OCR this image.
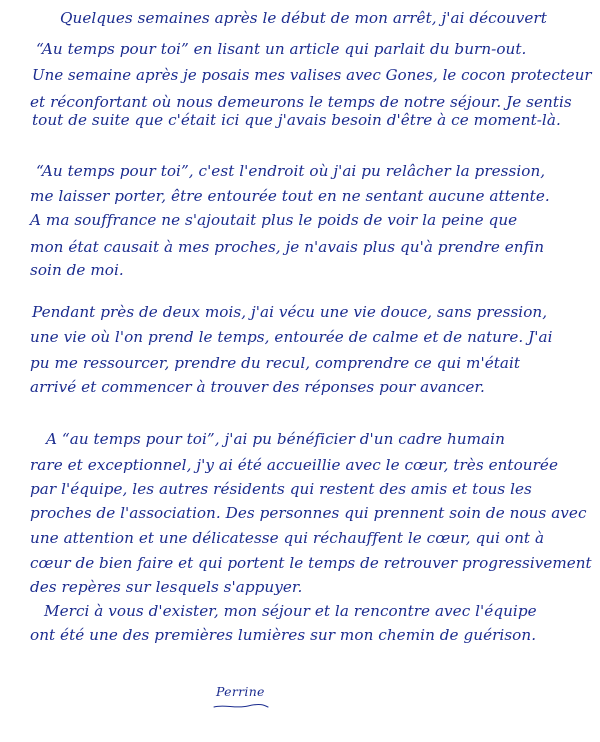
Quelques semaines après le début de mon arrêt, j'ai découvert
“Au temps pour toi” en lisant un article qui parlait du burn-out.
Une semaine après je posais mes valises avec Gones, le cocon protecteur
et réconfortant où nous demeurons le temps de notre séjour. Je sentis
tout de suite que c'était ici que j'avais besoin d'être à ce moment-là.
“Au temps pour toi”, c'est l'endroit où j'ai pu relâcher la pression,
me laisser porter, être entourée tout en ne sentant aucune attente.
A ma souffrance ne s'ajoutait plus le poids de voir la peine que
mon état causait à mes proches, je n'avais plus qu'à prendre enfin
soin de moi.
Pendant près de deux mois, j'ai vécu une vie douce, sans pression,
une vie où l'on prend le temps, entourée de calme et de nature. J'ai
pu me ressourcer, prendre du recul, comprendre ce qui m'était
arrivé et commencer à trouver des réponses pour avancer.
A “au temps pour toi”, j'ai pu bénéficier d'un cadre humain
rare et exceptionnel, j'y ai été accueillie avec le cœur, très entourée
par l'équipe, les autres résidents qui restent des amis et tous les
proches de l'association. Des personnes qui prennent soin de nous avec
une attention et une délicatesse qui réchauffent le cœur, qui ont à
cœur de bien faire et qui portent le temps de retrouver progressivement
des repères sur lesquels s'appuyer.
Merci à vous d'exister, mon séjour et la rencontre avec l'équipe
ont été une des premières lumières sur mon chemin de guérison.
Perrine
